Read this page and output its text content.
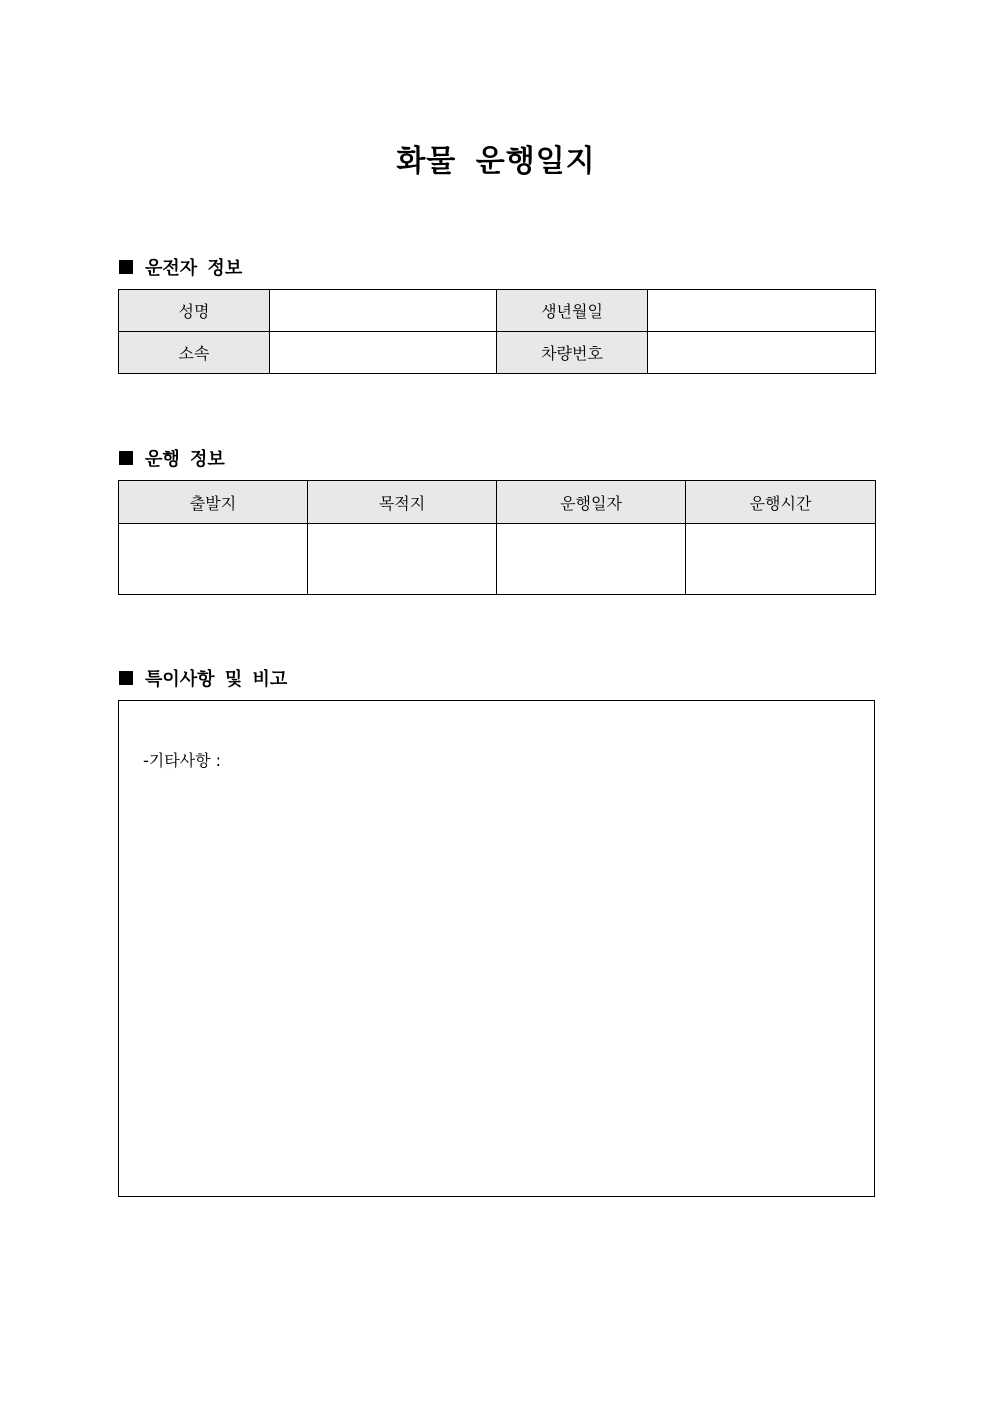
화물 운행일지
운전자 정보
성명		생년월일	
소속		차량번호	
운행 정보
출발지	목적지	운행일자	운행시간

특이사항 및 비고
-기타사항 :
